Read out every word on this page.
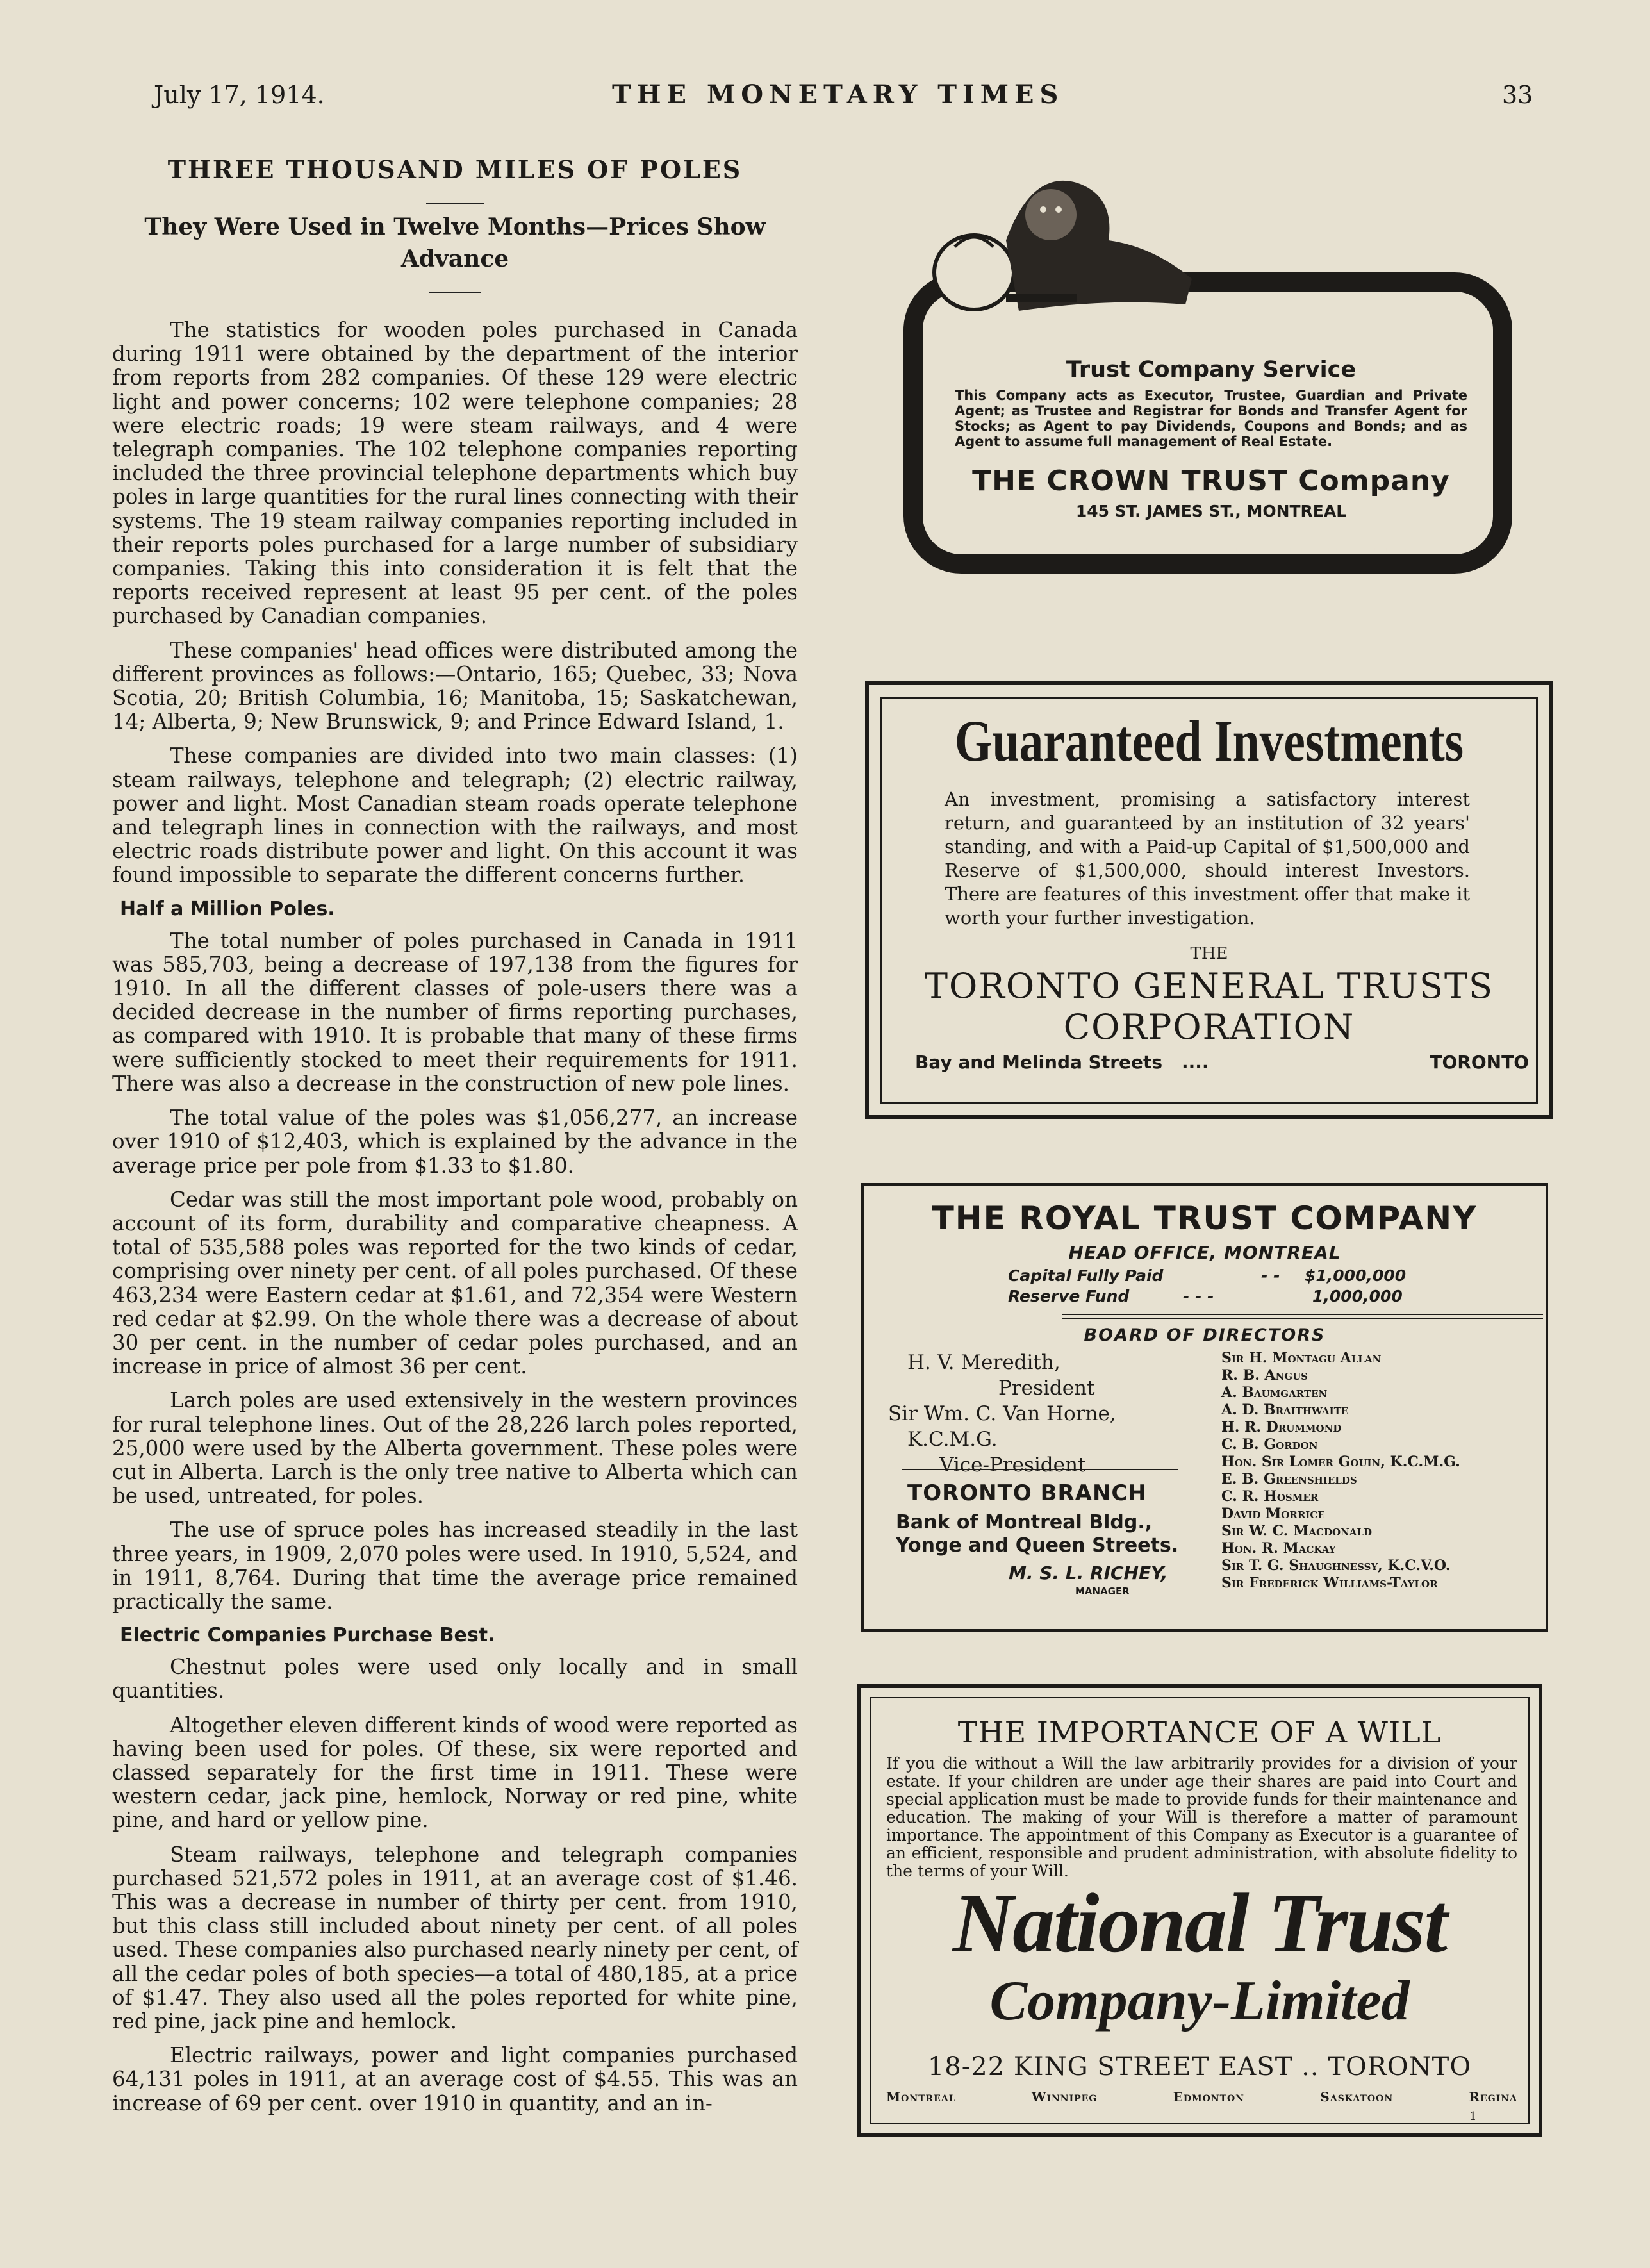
July 17, 1914.	THE MONETARY TIMES	33
THREE THOUSAND MILES OF POLES
They Were Used in Twelve Months—Prices Show Advance
The statistics for wooden poles purchased in Canada during 1911 were obtained by the department of the interior from reports from 282 companies. Of these 129 were electric light and power concerns; 102 were telephone companies; 28 were electric roads; 19 were steam railways, and 4 were telegraph companies. The 102 telephone companies reporting included the three provincial telephone departments which buy poles in large quantities for the rural lines connecting with their systems. The 19 steam railway companies reporting included in their reports poles purchased for a large number of subsidiary companies. Taking this into consideration it is felt that the reports received represent at least 95 per cent. of the poles purchased by Canadian companies.
These companies' head offices were distributed among the different provinces as follows:—Ontario, 165; Quebec, 33; Nova Scotia, 20; British Columbia, 16; Manitoba, 15; Saskatchewan, 14; Alberta, 9; New Brunswick, 9; and Prince Edward Island, 1.
These companies are divided into two main classes: (1) steam railways, telephone and telegraph; (2) electric railway, power and light. Most Canadian steam roads operate telephone and telegraph lines in connection with the railways, and most electric roads distribute power and light. On this account it was found impossible to separate the different concerns further.
Half a Million Poles.
The total number of poles purchased in Canada in 1911 was 585,703, being a decrease of 197,138 from the figures for 1910. In all the different classes of pole-users there was a decided decrease in the number of firms reporting purchases, as compared with 1910. It is probable that many of these firms were sufficiently stocked to meet their requirements for 1911. There was also a decrease in the construction of new pole lines.
The total value of the poles was $1,056,277, an increase over 1910 of $12,403, which is explained by the advance in the average price per pole from $1.33 to $1.80.
Cedar was still the most important pole wood, probably on account of its form, durability and comparative cheapness. A total of 535,588 poles was reported for the two kinds of cedar, comprising over ninety per cent. of all poles purchased. Of these 463,234 were Eastern cedar at $1.61, and 72,354 were Western red cedar at $2.99. On the whole there was a decrease of about 30 per cent. in the number of cedar poles purchased, and an increase in price of almost 36 per cent.
Larch poles are used extensively in the western provinces for rural telephone lines. Out of the 28,226 larch poles reported, 25,000 were used by the Alberta government. These poles were cut in Alberta. Larch is the only tree native to Alberta which can be used, untreated, for poles.
The use of spruce poles has increased steadily in the last three years, in 1909, 2,070 poles were used. In 1910, 5,524, and in 1911, 8,764. During that time the average price remained practically the same.
Electric Companies Purchase Best.
Chestnut poles were used only locally and in small quantities.
Altogether eleven different kinds of wood were reported as having been used for poles. Of these, six were reported and classed separately for the first time in 1911. These were western cedar, jack pine, hemlock, Norway or red pine, white pine, and hard or yellow pine.
Steam railways, telephone and telegraph companies purchased 521,572 poles in 1911, at an average cost of $1.46. This was a decrease in number of thirty per cent. from 1910, but this class still included about ninety per cent. of all poles used. These companies also purchased nearly ninety per cent, of all the cedar poles of both species—a total of 480,185, at a price of $1.47. They also used all the poles reported for white pine, red pine, jack pine and hemlock.
Electric railways, power and light companies purchased 64,131 poles in 1911, at an average cost of $4.55. This was an increase of 69 per cent. over 1910 in quantity, and an in-
Trust Company Service
This Company acts as Executor, Trustee, Guardian and Private Agent; as Trustee and Registrar for Bonds and Transfer Agent for Stocks; as Agent to pay Dividends, Coupons and Bonds; and as Agent to assume full management of Real Estate.
THE CROWN TRUST Company
145 ST. JAMES ST., MONTREAL
Guaranteed Investments
An investment, promising a satisfactory interest return, and guaranteed by an institution of 32 years' standing, and with a Paid-up Capital of $1,500,000 and Reserve of $1,500,000, should interest Investors. There are features of this investment offer that make it worth your further investigation.
THE
TORONTO GENERAL TRUSTS
CORPORATION
Bay and Melinda Streets ....	TORONTO
THE ROYAL TRUST COMPANY
HEAD OFFICE, MONTREAL
Capital Fully Paid	- - $1,000,000
Reserve Fund	- - -	1,000,000
BOARD OF DIRECTORS
H. V. Meredith,
President
Sir Wm. C. Van Horne,
K.C.M.G.
Vice-President
Sir H. Montagu Allan
R. B. Angus
A. Baumgarten
A. D. Braithwaite
H. R. Drummond
C. B. Gordon
Hon. Sir Lomer Gouin, K.C.M.G.
E. B. Greenshields
C. R. Hosmer
David Morrice
Sir W. C. Macdonald
Hon. R. Mackay
Sir T. G. Shaughnessy, K.C.V.O.
Sir Frederick Williams-Taylor
TORONTO BRANCH
Bank of Montreal Bldg.,
Yonge and Queen Streets.
M. S. L. RICHEY,
MANAGER
THE IMPORTANCE OF A WILL
If you die without a Will the law arbitrarily provides for a division of your estate. If your children are under age their shares are paid into Court and special application must be made to provide funds for their maintenance and education. The making of your Will is therefore a matter of paramount importance. The appointment of this Company as Executor is a guarantee of an efficient, responsible and prudent administration, with absolute fidelity to the terms of your Will.
National Trust
Company-Limited
18-22 KING STREET EAST .. TORONTO
Montreal	Winnipeg	Edmonton	Saskatoon	Regina
1
